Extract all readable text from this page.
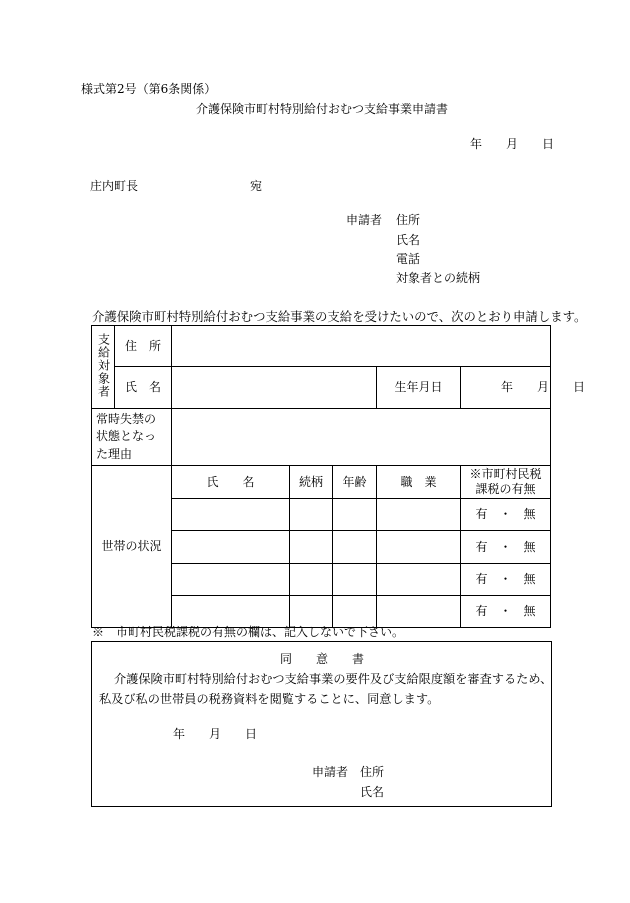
様式第2号（第6条関係）
介護保険市町村特別給付おむつ支給事業申請書
年　　月　　日
庄内町長	宛
申請者 住所
氏名
電話
対象者との続柄
介護保険市町村特別給付おむつ支給事業の支給を受けたいので、次のとおり申請します。
支給対象者	住　所					
	氏　名				生年月日	年　　月　　日
常時失禁の状態となった理由						
世帯の状況		氏　　名	続柄	年齢	職　業	※市町村民税
課税の有無

						有　・　無
						有　・　無
						有　・　無
						有　・　無
※　市町村民税課税の有無の欄は、記入しないで下さい。
同　　意　　書
介護保険市町村特別給付おむつ支給事業の要件及び支給限度額を審査するため、
私及び私の世帯員の税務資料を閲覧することに、同意します。
年　　月　　日
申請者 住所
氏名
